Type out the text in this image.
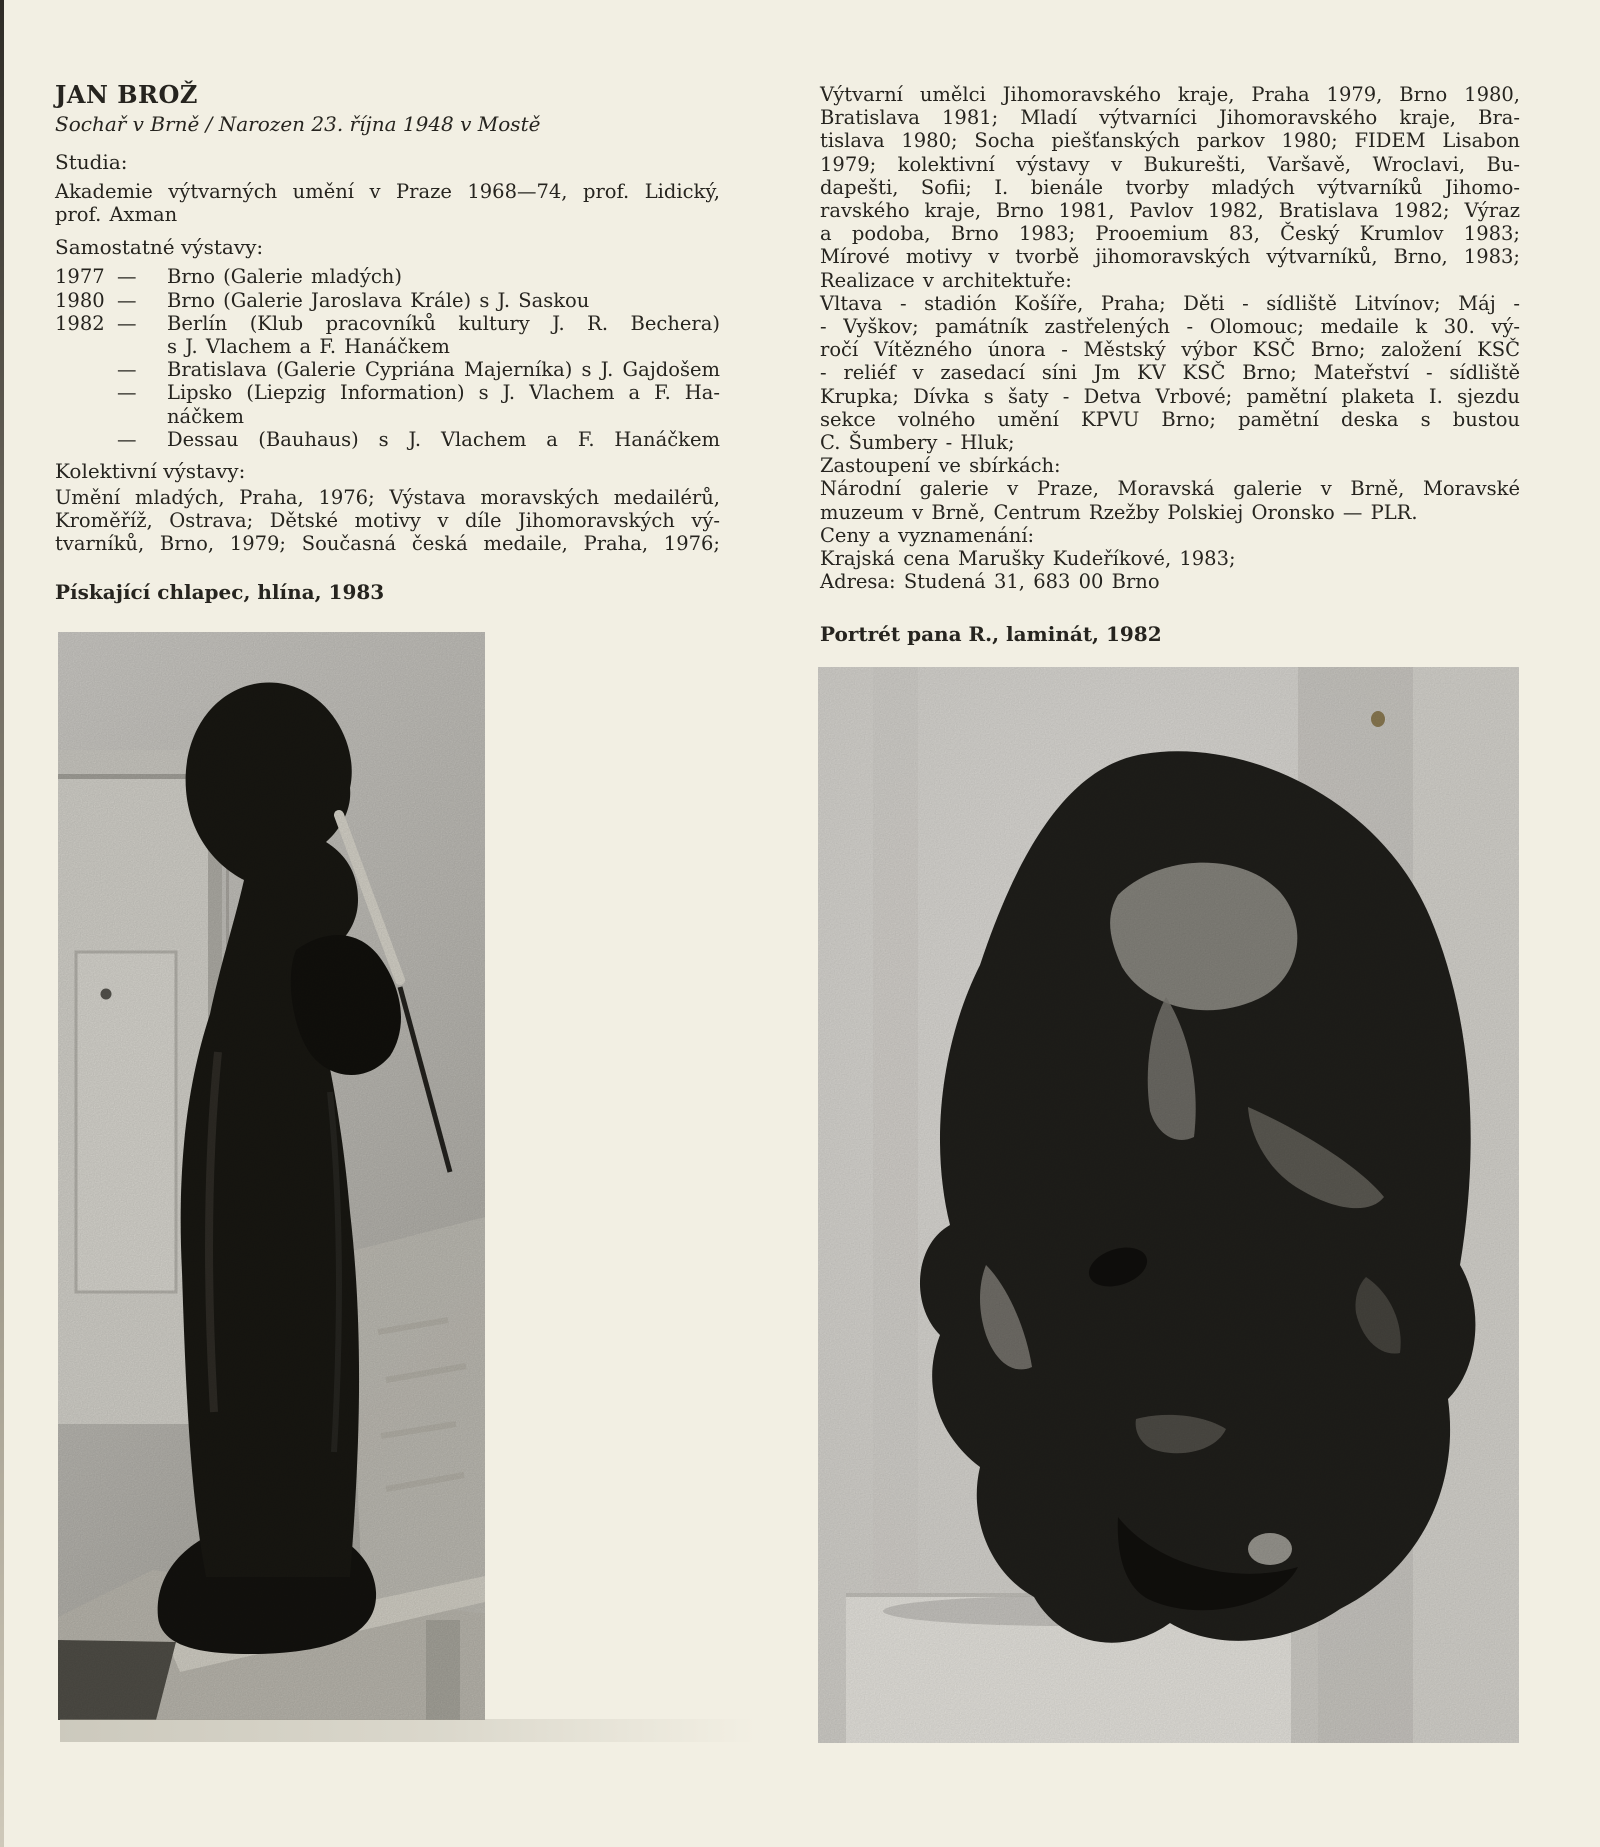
JAN BROŽ

Sochař v Brně / Narozen 23. října 1948 v Mostě

Studia:

Akademie výtvarných umění v Praze 1968—74, prof. Lidický,

prof. Axman

Samostatné výstavy:

1977 —	Brno (Galerie mladých)
1980 —	Brno (Galerie Jaroslava Krále) s J. Saskou
1982 —	Berlín (Klub pracovníků kultury J. R. Bechera)
s J. Vlachem a F. Hanáčkem
—	Bratislava (Galerie Cypriána Majerníka) s J. Gajdošem
—	Lipsko (Liepzig Information) s J. Vlachem a F. Ha-
náčkem
—	Dessau (Bauhaus) s J. Vlachem a F. Hanáčkem

Kolektivní výstavy:

Umění mladých, Praha, 1976; Výstava moravských medailérů,

Kroměříž, Ostrava; Dětské motivy v díle Jihomoravských vý-

tvarníků, Brno, 1979; Současná česká medaile, Praha, 1976;

Pískající chlapec, hlína, 1983

Výtvarní umělci Jihomoravského kraje, Praha 1979, Brno 1980,

Bratislava 1981; Mladí výtvarníci Jihomoravského kraje, Bra-

tislava 1980; Socha piešťanských parkov 1980; FIDEM Lisabon

1979; kolektivní výstavy v Bukurešti, Varšavě, Wroclavi, Bu-

dapešti, Sofii; I. bienále tvorby mladých výtvarníků Jihomo-

ravského kraje, Brno 1981, Pavlov 1982, Bratislava 1982; Výraz

a podoba, Brno 1983; Prooemium 83, Český Krumlov 1983;

Mírové motivy v tvorbě jihomoravských výtvarníků, Brno, 1983;

Realizace v architektuře:

Vltava - stadión Košíře, Praha; Děti - sídliště Litvínov; Máj -

- Vyškov; památník zastřelených - Olomouc; medaile k 30. vý-

ročí Vítězného února - Městský výbor KSČ Brno; založení KSČ

- reliéf v zasedací síni Jm KV KSČ Brno; Mateřství - sídliště

Krupka; Dívka s šaty - Detva Vrbové; pamětní plaketa I. sjezdu

sekce volného umění KPVU Brno; pamětní deska s bustou

C. Šumbery - Hluk;

Zastoupení ve sbírkách:

Národní galerie v Praze, Moravská galerie v Brně, Moravské

muzeum v Brně, Centrum Rzežby Polskiej Oronsko — PLR.

Ceny a vyznamenání:

Krajská cena Marušky Kudeříkové, 1983;

Adresa: Studená 31, 683 00 Brno

Portrét pana R., laminát, 1982
